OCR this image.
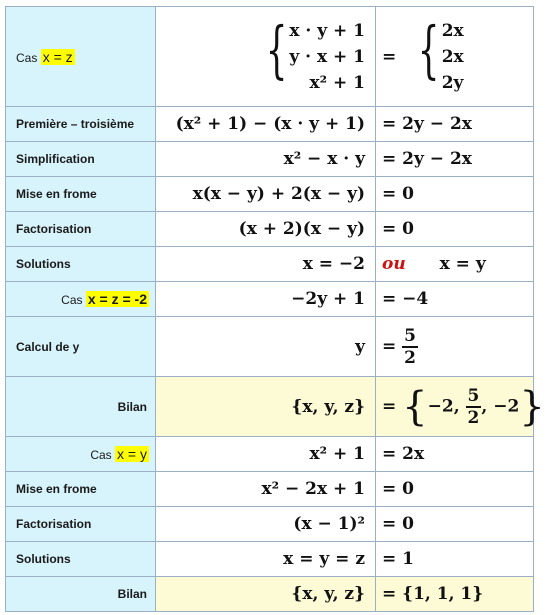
Cas x = z	{ x · y + 1
y · x + 1
x² + 1	= { 2x
2x
2y

Première – troisième	(x² + 1) − (x · y + 1)	= 2y − 2x
Simplification	x² − x · y	= 2y − 2x
Mise en frome	x(x − y) + 2(x − y)	= 0
Factorisation	(x + 2)(x − y)	= 0
Solutions	x = −2	ou x = y
Cas x = z = -2	−2y + 1	= −4
Calcul de y	y	= $\frac{5}{2}$

Bilan	{x, y, z}	= {−2, $\frac{5}{2}$ , −2}
Cas x = y	x² + 1	= 2x
Mise en frome	x² − 2x + 1	= 0
Factorisation	(x − 1)²	= 0
Solutions	x = y = z	= 1
Bilan	{x, y, z}	= {1, 1, 1}
